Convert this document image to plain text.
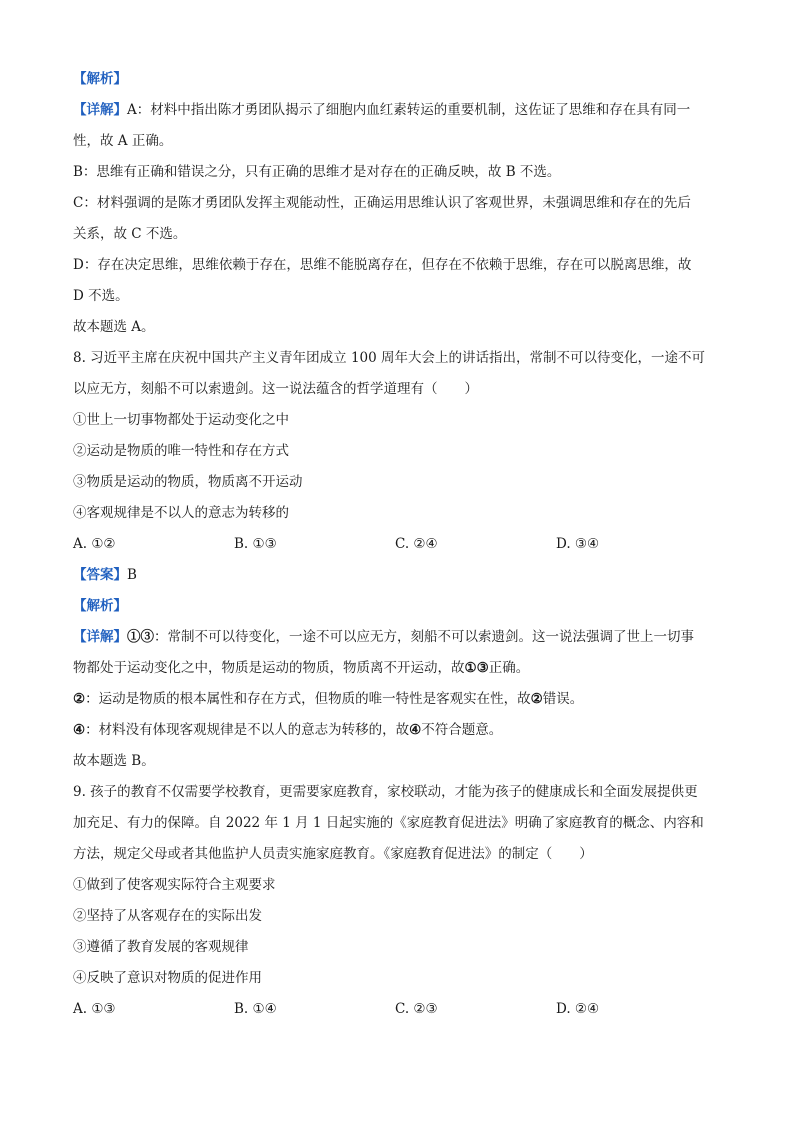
【解析】
【详解】A：材料中指出陈才勇团队揭示了细胞内血红素转运的重要机制，这佐证了思维和存在具有同一
性，故 A 正确。
B：思维有正确和错误之分，只有正确的思维才是对存在的正确反映，故 B 不选。
C：材料强调的是陈才勇团队发挥主观能动性，正确运用思维认识了客观世界，未强调思维和存在的先后
关系，故 C 不选。
D：存在决定思维，思维依赖于存在，思维不能脱离存在，但存在不依赖于思维，存在可以脱离思维，故
D 不选。
故本题选 A。
8. 习近平主席在庆祝中国共产主义青年团成立 100 周年大会上的讲话指出，常制不可以待变化，一途不可
以应无方，刻船不可以索遗剑。这一说法蕴含的哲学道理有（　　）
①世上一切事物都处于运动变化之中
②运动是物质的唯一特性和存在方式
③物质是运动的物质，物质离不开运动
④客观规律是不以人的意志为转移的
A. ①②	B. ①③	C. ②④	D. ③④
【答案】B
【解析】
【详解】①③：常制不可以待变化，一途不可以应无方，刻船不可以索遗剑。这一说法强调了世上一切事
物都处于运动变化之中，物质是运动的物质，物质离不开运动，故①③正确。
②：运动是物质的根本属性和存在方式，但物质的唯一特性是客观实在性，故②错误。
④：材料没有体现客观规律是不以人的意志为转移的，故④不符合题意。
故本题选 B。
9. 孩子的教育不仅需要学校教育，更需要家庭教育，家校联动，才能为孩子的健康成长和全面发展提供更
加充足、有力的保障。自 2022 年 1 月 1 日起实施的《家庭教育促进法》明确了家庭教育的概念、内容和
方法，规定父母或者其他监护人员责实施家庭教育。《家庭教育促进法》的制定（　　）
①做到了使客观实际符合主观要求
②坚持了从客观存在的实际出发
③遵循了教育发展的客观规律
④反映了意识对物质的促进作用
A. ①③	B. ①④	C. ②③	D. ②④
